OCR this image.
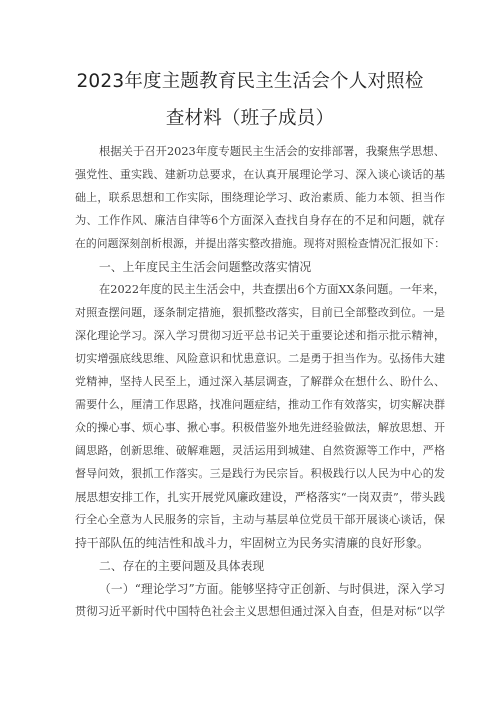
2023年度主题教育民主生活会个人对照检
查材料（班子成员）
根据关于召开2023年度专题民主生活会的安排部署，我聚焦学思想、
强党性、重实践、建新功总要求，在认真开展理论学习、深入谈心谈话的基
础上，联系思想和工作实际，围绕理论学习、政治素质、能力本领、担当作
为、工作作风、廉洁自律等6个方面深入查找自身存在的不足和问题，就存
在的问题深刻剖析根源，并提出落实整改措施。现将对照检查情况汇报如下：
一、上年度民主生活会问题整改落实情况
在2022年度的民主生活会中，共查摆出6个方面XX条问题。一年来，
对照查摆问题，逐条制定措施，狠抓整改落实，目前已全部整改到位。一是
深化理论学习。深入学习贯彻习近平总书记关于重要论述和指示批示精神，
切实增强底线思维、风险意识和忧患意识。二是勇于担当作为。弘扬伟大建
党精神，坚持人民至上，通过深入基层调查，了解群众在想什么、盼什么、
需要什么，厘清工作思路，找准问题症结，推动工作有效落实，切实解决群
众的操心事、烦心事、揪心事。积极借鉴外地先进经验做法，解放思想、开
阔思路，创新思维、破解难题，灵活运用到城建、自然资源等工作中，严格
督导问效，狠抓工作落实。三是践行为民宗旨。积极践行以人民为中心的发
展思想安排工作，扎实开展党风廉政建设，严格落实“一岗双责”，带头践
行全心全意为人民服务的宗旨，主动与基层单位党员干部开展谈心谈话，保
持干部队伍的纯洁性和战斗力，牢固树立为民务实清廉的良好形象。
二、存在的主要问题及具体表现
（一）“理论学习”方面。能够坚持守正创新、与时俱进，深入学习
贯彻习近平新时代中国特色社会主义思想但通过深入自查，但是对标“以学
